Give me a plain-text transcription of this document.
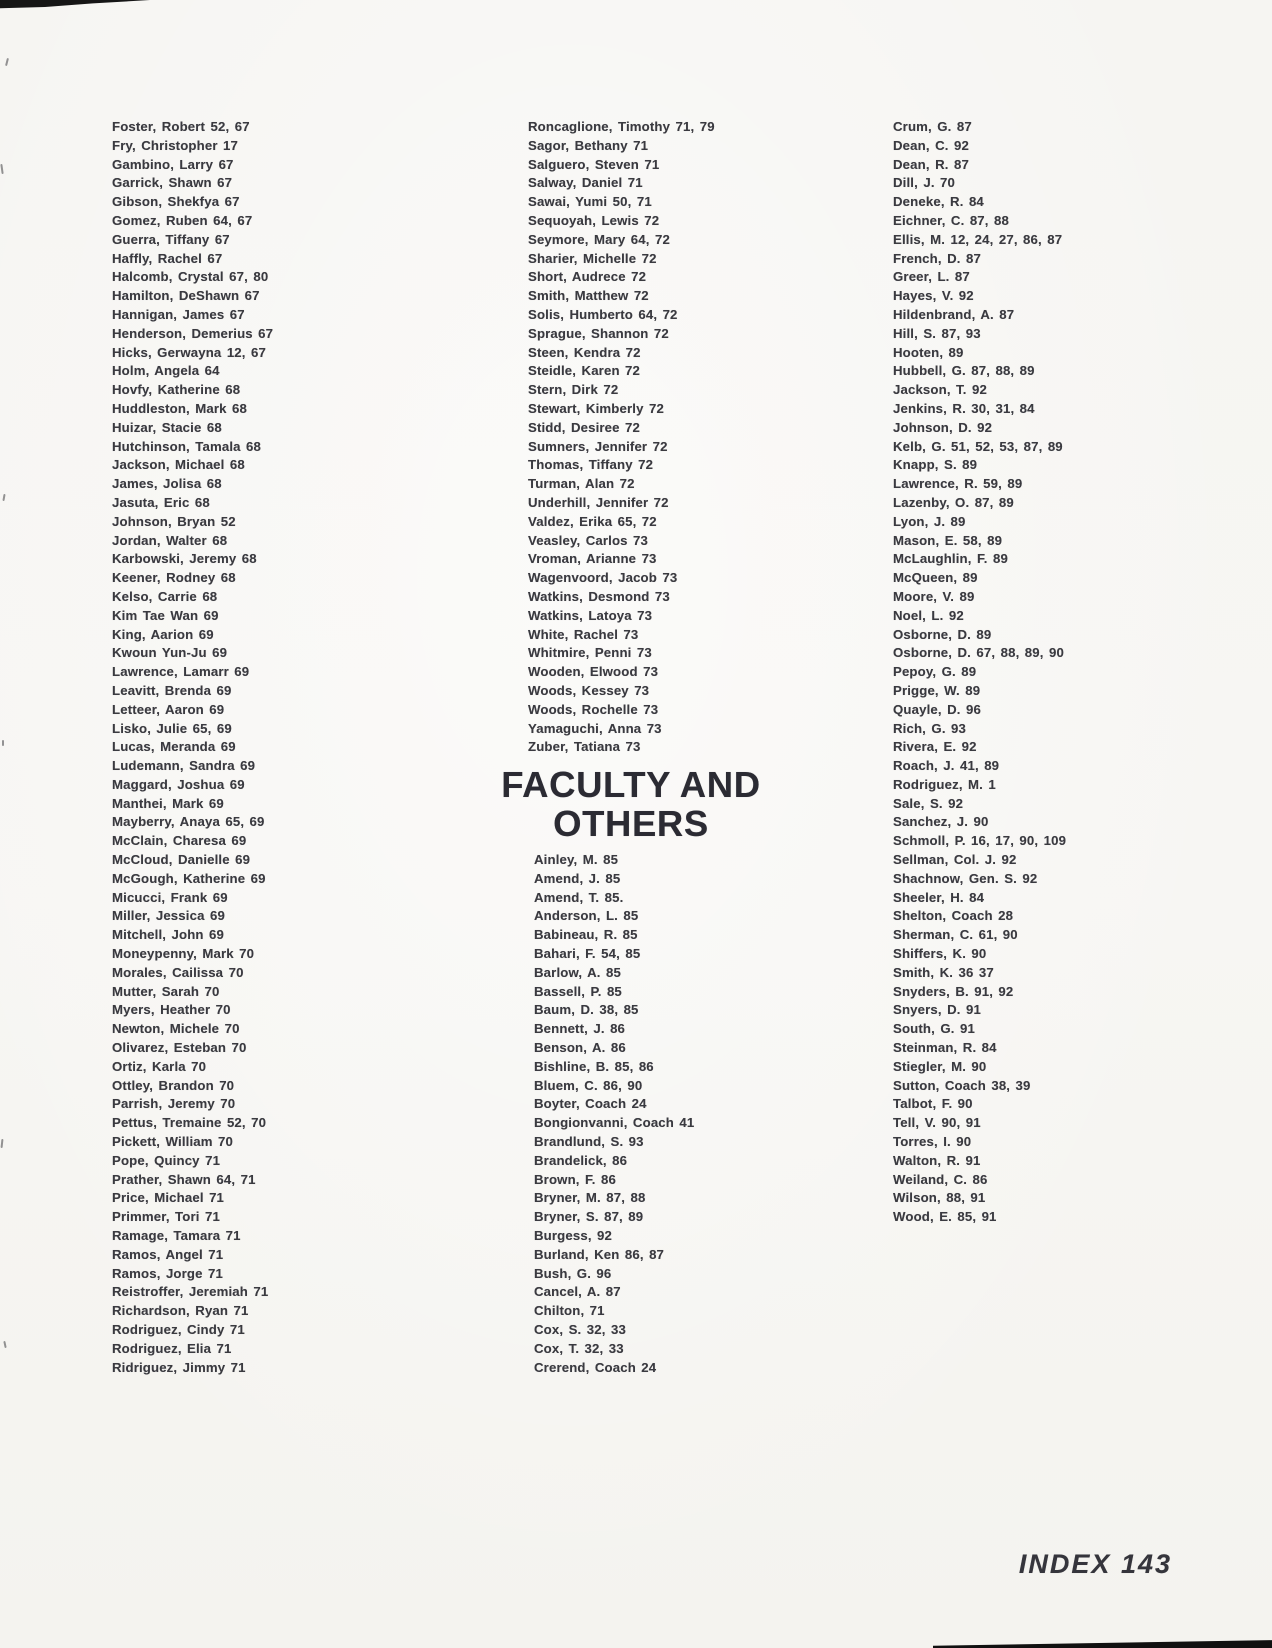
Foster, Robert 52, 67
Fry, Christopher 17
Gambino, Larry 67
Garrick, Shawn 67
Gibson, Shekfya 67
Gomez, Ruben 64, 67
Guerra, Tiffany 67
Haffly, Rachel 67
Halcomb, Crystal 67, 80
Hamilton, DeShawn 67
Hannigan, James 67
Henderson, Demerius 67
Hicks, Gerwayna 12, 67
Holm, Angela 64
Hovfy, Katherine 68
Huddleston, Mark 68
Huizar, Stacie 68
Hutchinson, Tamala 68
Jackson, Michael 68
James, Jolisa 68
Jasuta, Eric 68
Johnson, Bryan 52
Jordan, Walter 68
Karbowski, Jeremy 68
Keener, Rodney 68
Kelso, Carrie 68
Kim Tae Wan 69
King, Aarion 69
Kwoun Yun-Ju 69
Lawrence, Lamarr 69
Leavitt, Brenda 69
Letteer, Aaron 69
Lisko, Julie 65, 69
Lucas, Meranda 69
Ludemann, Sandra 69
Maggard, Joshua 69
Manthei, Mark 69
Mayberry, Anaya 65, 69
McClain, Charesa 69
McCloud, Danielle 69
McGough, Katherine 69
Micucci, Frank 69
Miller, Jessica 69
Mitchell, John 69
Moneypenny, Mark 70
Morales, Cailissa 70
Mutter, Sarah 70
Myers, Heather 70
Newton, Michele 70
Olivarez, Esteban 70
Ortiz, Karla 70
Ottley, Brandon 70
Parrish, Jeremy 70
Pettus, Tremaine 52, 70
Pickett, William 70
Pope, Quincy 71
Prather, Shawn 64, 71
Price, Michael 71
Primmer, Tori 71
Ramage, Tamara 71
Ramos, Angel 71
Ramos, Jorge 71
Reistroffer, Jeremiah 71
Richardson, Ryan 71
Rodriguez, Cindy 71
Rodriguez, Elia 71
Ridriguez, Jimmy 71
Roncaglione, Timothy 71, 79
Sagor, Bethany 71
Salguero, Steven 71
Salway, Daniel 71
Sawai, Yumi 50, 71
Sequoyah, Lewis 72
Seymore, Mary 64, 72
Sharier, Michelle 72
Short, Audrece 72
Smith, Matthew 72
Solis, Humberto 64, 72
Sprague, Shannon 72
Steen, Kendra 72
Steidle, Karen 72
Stern, Dirk 72
Stewart, Kimberly 72
Stidd, Desiree 72
Sumners, Jennifer 72
Thomas, Tiffany 72
Turman, Alan 72
Underhill, Jennifer 72
Valdez, Erika 65, 72
Veasley, Carlos 73
Vroman, Arianne 73
Wagenvoord, Jacob 73
Watkins, Desmond 73
Watkins, Latoya 73
White, Rachel 73
Whitmire, Penni 73
Wooden, Elwood 73
Woods, Kessey 73
Woods, Rochelle 73
Yamaguchi, Anna 73
Zuber, Tatiana 73
FACULTY AND
OTHERS
Ainley, M. 85
Amend, J. 85
Amend, T. 85.
Anderson, L. 85
Babineau, R. 85
Bahari, F. 54, 85
Barlow, A. 85
Bassell, P. 85
Baum, D. 38, 85
Bennett, J. 86
Benson, A. 86
Bishline, B. 85, 86
Bluem, C. 86, 90
Boyter, Coach 24
Bongionvanni, Coach 41
Brandlund, S. 93
Brandelick, 86
Brown, F. 86
Bryner, M. 87, 88
Bryner, S. 87, 89
Burgess, 92
Burland, Ken 86, 87
Bush, G. 96
Cancel, A. 87
Chilton, 71
Cox, S. 32, 33
Cox, T. 32, 33
Crerend, Coach 24
Crum, G. 87
Dean, C. 92
Dean, R. 87
Dill, J. 70
Deneke, R. 84
Eichner, C. 87, 88
Ellis, M. 12, 24, 27, 86, 87
French, D. 87
Greer, L. 87
Hayes, V. 92
Hildenbrand, A. 87
Hill, S. 87, 93
Hooten, 89
Hubbell, G. 87, 88, 89
Jackson, T. 92
Jenkins, R. 30, 31, 84
Johnson, D. 92
Kelb, G. 51, 52, 53, 87, 89
Knapp, S. 89
Lawrence, R. 59, 89
Lazenby, O. 87, 89
Lyon, J. 89
Mason, E. 58, 89
McLaughlin, F. 89
McQueen, 89
Moore, V. 89
Noel, L. 92
Osborne, D. 89
Osborne, D. 67, 88, 89, 90
Pepoy, G. 89
Prigge, W. 89
Quayle, D. 96
Rich, G. 93
Rivera, E. 92
Roach, J. 41, 89
Rodriguez, M. 1
Sale, S. 92
Sanchez, J. 90
Schmoll, P. 16, 17, 90, 109
Sellman, Col. J. 92
Shachnow, Gen. S. 92
Sheeler, H. 84
Shelton, Coach 28
Sherman, C. 61, 90
Shiffers, K. 90
Smith, K. 36 37
Snyders, B. 91, 92
Snyers, D. 91
South, G. 91
Steinman, R. 84
Stiegler, M. 90
Sutton, Coach 38, 39
Talbot, F. 90
Tell, V. 90, 91
Torres, I. 90
Walton, R. 91
Weiland, C. 86
Wilson, 88, 91
Wood, E. 85, 91
INDEX 143
